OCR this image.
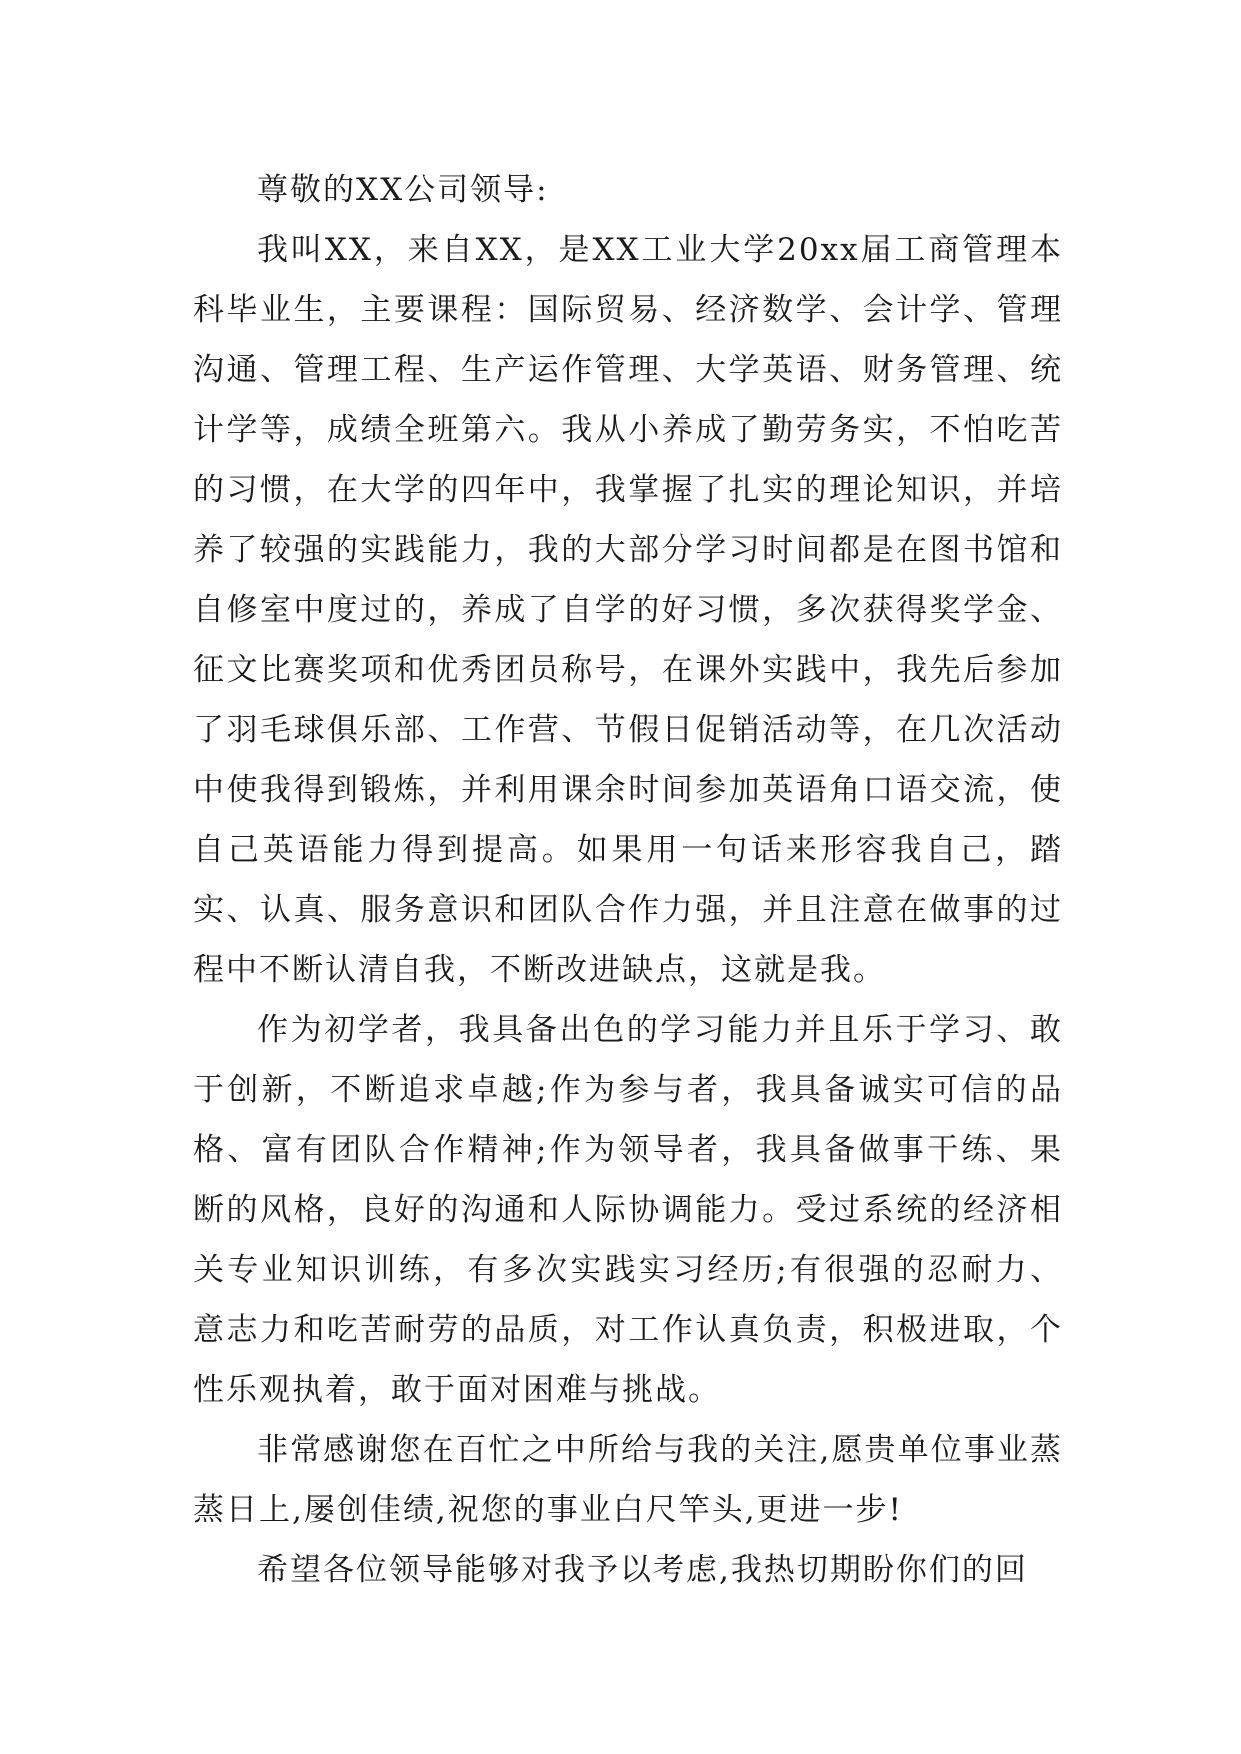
尊敬的XX公司领导:

我叫XX，来自XX，是XX工业大学20xx届工商管理本科毕业生，主要课程：国际贸易、经济数学、会计学、管理沟通、管理工程、生产运作管理、大学英语、财务管理、统计学等，成绩全班第六。我从小养成了勤劳务实，不怕吃苦的习惯，在大学的四年中，我掌握了扎实的理论知识，并培养了较强的实践能力，我的大部分学习时间都是在图书馆和自修室中度过的，养成了自学的好习惯，多次获得奖学金、征文比赛奖项和优秀团员称号，在课外实践中，我先后参加了羽毛球俱乐部、工作营、节假日促销活动等，在几次活动中使我得到锻炼，并利用课余时间参加英语角口语交流，使自己英语能力得到提高。如果用一句话来形容我自己，踏实、认真、服务意识和团队合作力强，并且注意在做事的过程中不断认清自我，不断改进缺点，这就是我。

作为初学者，我具备出色的学习能力并且乐于学习、敢于创新，不断追求卓越;作为参与者，我具备诚实可信的品格、富有团队合作精神;作为领导者，我具备做事干练、果断的风格，良好的沟通和人际协调能力。受过系统的经济相关专业知识训练，有多次实践实习经历;有很强的忍耐力、意志力和吃苦耐劳的品质，对工作认真负责，积极进取，个性乐观执着，敢于面对困难与挑战。

非常感谢您在百忙之中所给与我的关注,愿贵单位事业蒸蒸日上,屡创佳绩,祝您的事业白尺竿头,更进一步!

希望各位领导能够对我予以考虑,我热切期盼你们的回
